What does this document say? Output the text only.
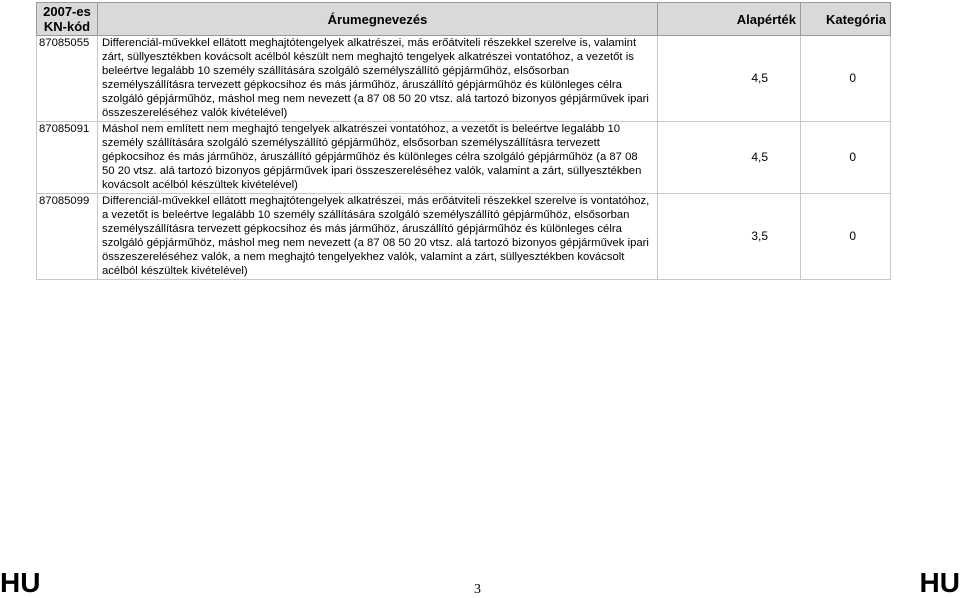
2007-es KN-kód	Árumegnevezés	Alapérték	Kategória
87085055	Differenciál-művekkel ellátott meghajtótengelyek alkatrészei, más erőátviteli részekkel szerelve is, valamint zárt, süllyesztékben kovácsolt acélból készült nem meghajtó tengelyek alkatrészei vontatóhoz, a vezetőt is beleértve legalább 10 személy szállítására szolgáló személyszállító gépjárműhöz, elsősorban személyszállításra tervezett gépkocsihoz és más járműhöz, áruszállító gépjárműhöz és különleges célra szolgáló gépjárműhöz, máshol meg nem nevezett (a 87 08 50 20 vtsz. alá tartozó bizonyos gépjárművek ipari összeszereléséhez valók kivételével)	4,5	0
87085091	Máshol nem említett nem meghajtó tengelyek alkatrészei vontatóhoz, a vezetőt is beleértve legalább 10 személy szállítására szolgáló személyszállító gépjárműhöz, elsősorban személyszállításra tervezett gépkocsihoz és más járműhöz, áruszállító gépjárműhöz és különleges célra szolgáló gépjárműhöz (a 87 08 50 20 vtsz. alá tartozó bizonyos gépjárművek ipari összeszereléséhez valók, valamint a zárt, süllyesztékben kovácsolt acélból készültek kivételével)	4,5	0
87085099	Differenciál-művekkel ellátott meghajtótengelyek alkatrészei, más erőátviteli részekkel szerelve is vontatóhoz, a vezetőt is beleértve legalább 10 személy szállítására szolgáló személyszállító gépjárműhöz, elsősorban személyszállításra tervezett gépkocsihoz és más járműhöz, áruszállító gépjárműhöz és különleges célra szolgáló gépjárműhöz, máshol meg nem nevezett (a 87 08 50 20 vtsz. alá tartozó bizonyos gépjárművek ipari összeszereléséhez valók, a nem meghajtó tengelyekhez valók, valamint a zárt, süllyesztékben kovácsolt acélból készültek kivételével)	3,5	0
HU	3	HU
